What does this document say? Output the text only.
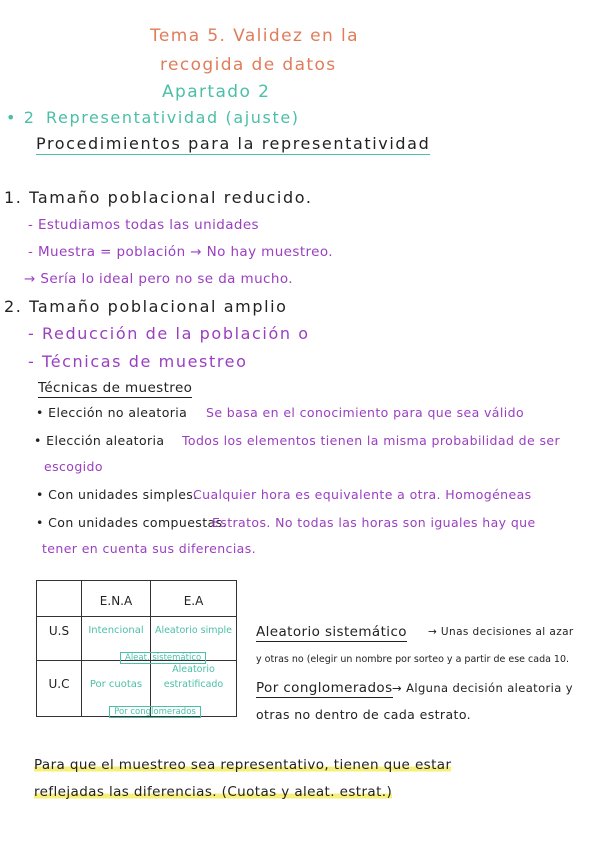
Tema 5. Validez en la
recogida de datos
Apartado 2
• 2 Representatividad (ajuste)
Procedimientos para la representatividad
1. Tamaño poblacional reducido.
- Estudiamos todas las unidades
- Muestra = población → No hay muestreo.
→ Sería lo ideal pero no se da mucho.
2. Tamaño poblacional amplio
- Reducción de la población o
- Técnicas de muestreo
Técnicas de muestreo
• Elección no aleatoria Se basa en el conocimiento para que sea válido
• Elección aleatoria Todos los elementos tienen la misma probabilidad de ser
escogido
• Con unidades simples.
Cualquier hora es equivalente a otra. Homogéneas
• Con unidades compuestas.
Estratos. No todas las horas son iguales hay que
tener en cuenta sus diferencias.
E.N.A	E.A
U.S
U.C
Intencional	Aleatorio simple
Aleat. sistemático
Por cuotas
Aleatorio
estratificado
Por conglomerados
Aleatorio sistemático → Unas decisiones al azar
y otras no (elegir un nombre por sorteo y a partir de ese cada 10.
Por conglomerados → Alguna decisión aleatoria y
otras no dentro de cada estrato.
Para que el muestreo sea representativo, tienen que estar
reflejadas las diferencias. (Cuotas y aleat. estrat.)
